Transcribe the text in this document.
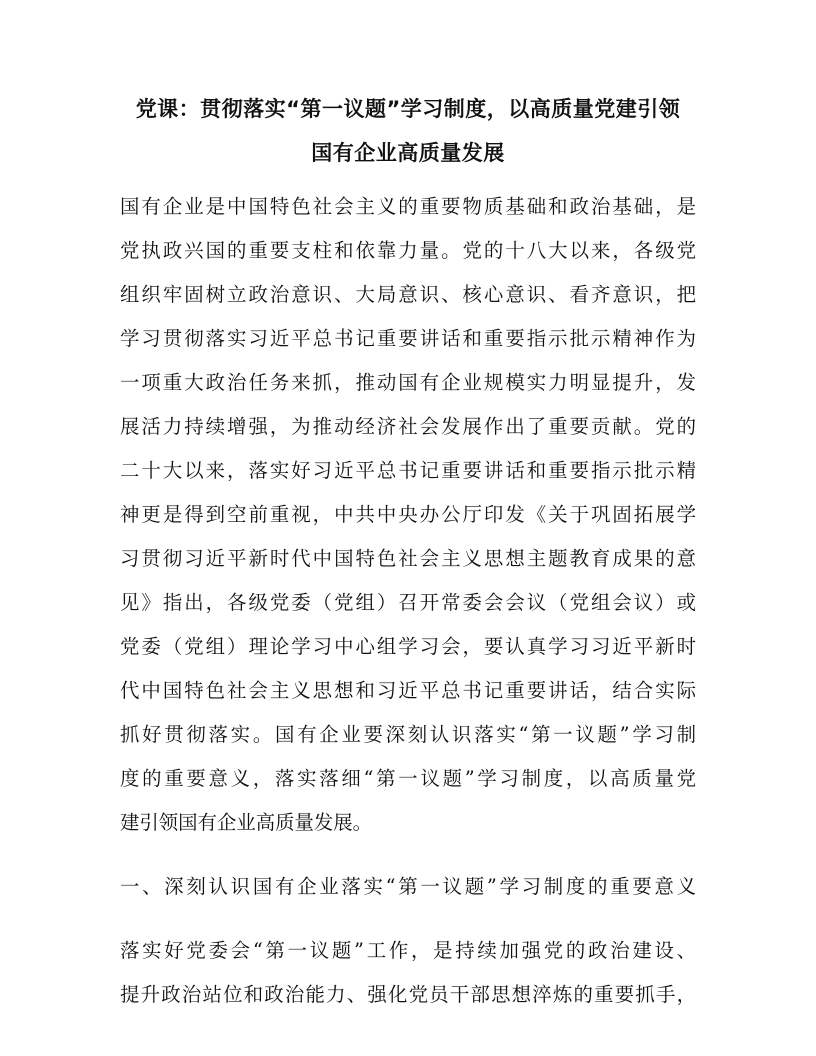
党课：贯彻落实“第一议题”学习制度，以高质量党建引领
国有企业高质量发展
国有企业是中国特色社会主义的重要物质基础和政治基础，是
党执政兴国的重要支柱和依靠力量。党的十八大以来，各级党
组织牢固树立政治意识、大局意识、核心意识、看齐意识，把
学习贯彻落实习近平总书记重要讲话和重要指示批示精神作为
一项重大政治任务来抓，推动国有企业规模实力明显提升，发
展活力持续增强，为推动经济社会发展作出了重要贡献。党的
二十大以来，落实好习近平总书记重要讲话和重要指示批示精
神更是得到空前重视，中共中央办公厅印发《关于巩固拓展学
习贯彻习近平新时代中国特色社会主义思想主题教育成果的意
见》指出，各级党委（党组）召开常委会会议（党组会议）或
党委（党组）理论学习中心组学习会，要认真学习习近平新时
代中国特色社会主义思想和习近平总书记重要讲话，结合实际
抓好贯彻落实。国有企业要深刻认识落实“第一议题”学习制
度的重要意义，落实落细“第一议题”学习制度，以高质量党
建引领国有企业高质量发展。
一、深刻认识国有企业落实“第一议题”学习制度的重要意义
落实好党委会“第一议题”工作，是持续加强党的政治建设、
提升政治站位和政治能力、强化党员干部思想淬炼的重要抓手，
